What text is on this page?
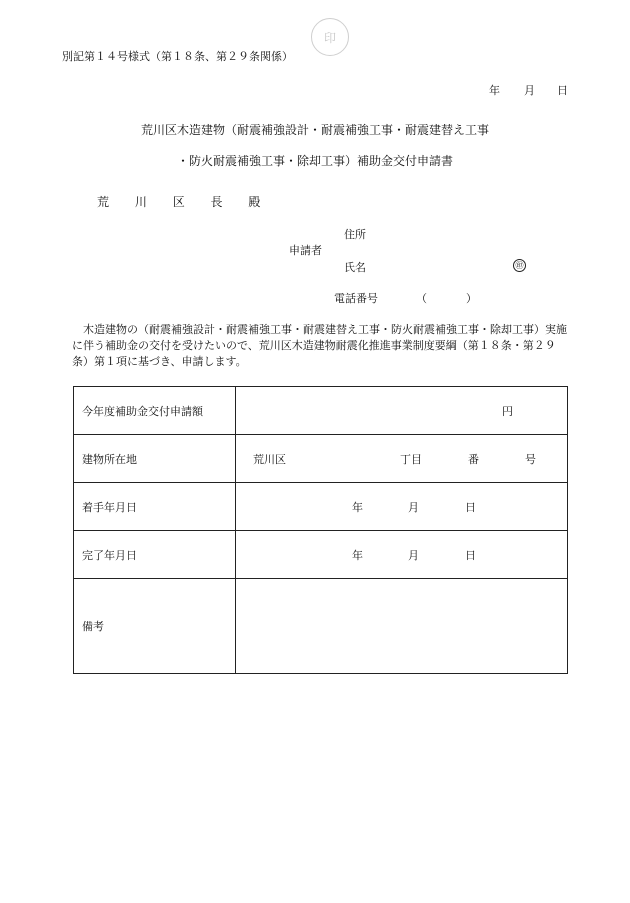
印
別記第１４号様式（第１８条、第２９条関係）
年 月 日
荒川区木造建物（耐震補強設計・耐震補強工事・耐震建替え工事
・防火耐震補強工事・除却工事）補助金交付申請書
荒 川 区 長 殿
住所
申請者
氏名	㊞
電話番号	（	）
木造建物の（耐震補強設計・耐震補強工事・耐震建替え工事・防火耐震補強工事・除却工事）実施に伴う補助金の交付を受けたいので、荒川区木造建物耐震化推進事業制度要綱（第１８条・第２９条）第１項に基づき、申請します。
今年度補助金交付申請額	円

建物所在地	荒川区 丁目 番 号

着手年月日	年 月 日

完了年月日	年 月 日

備考	
